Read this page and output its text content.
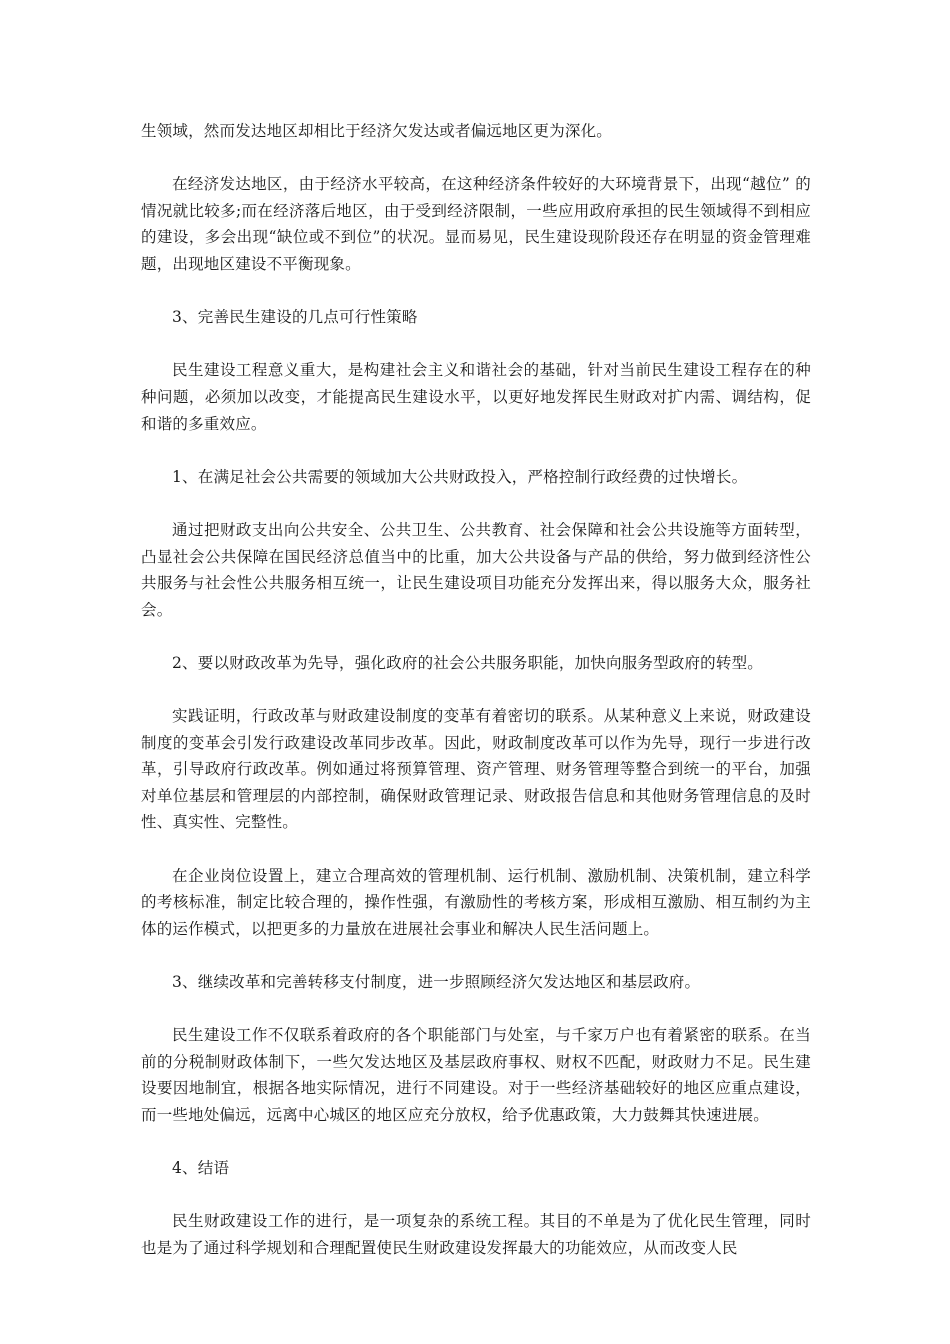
生领域，然而发达地区却相比于经济欠发达或者偏远地区更为深化。

在经济发达地区，由于经济水平较高，在这种经济条件较好的大环境背景下，出现“越位” 的情况就比较多;而在经济落后地区，由于受到经济限制，一些应用政府承担的民生领域得不到相应的建设，多会出现“缺位或不到位”的状况。显而易见，民生建设现阶段还存在明显的资金管理难题，出现地区建设不平衡现象。

3、完善民生建设的几点可行性策略

民生建设工程意义重大，是构建社会主义和谐社会的基础，针对当前民生建设工程存在的种种问题，必须加以改变，才能提高民生建设水平，以更好地发挥民生财政对扩内需、调结构，促和谐的多重效应。

1、在满足社会公共需要的领域加大公共财政投入，严格控制行政经费的过快增长。

通过把财政支出向公共安全、公共卫生、公共教育、社会保障和社会公共设施等方面转型，凸显社会公共保障在国民经济总值当中的比重，加大公共设备与产品的供给，努力做到经济性公共服务与社会性公共服务相互统一，让民生建设项目功能充分发挥出来，得以服务大众，服务社会。

2、要以财政改革为先导，强化政府的社会公共服务职能，加快向服务型政府的转型。

实践证明，行政改革与财政建设制度的变革有着密切的联系。从某种意义上来说，财政建设制度的变革会引发行政建设改革同步改革。因此，财政制度改革可以作为先导，现行一步进行改革，引导政府行政改革。例如通过将预算管理、资产管理、财务管理等整合到统一的平台，加强对单位基层和管理层的内部控制，确保财政管理记录、财政报告信息和其他财务管理信息的及时性、真实性、完整性。

在企业岗位设置上，建立合理高效的管理机制、运行机制、激励机制、决策机制，建立科学的考核标准，制定比较合理的，操作性强，有激励性的考核方案，形成相互激励、相互制约为主体的运作模式，以把更多的力量放在进展社会事业和解决人民生活问题上。

3、继续改革和完善转移支付制度，进一步照顾经济欠发达地区和基层政府。

民生建设工作不仅联系着政府的各个职能部门与处室，与千家万户也有着紧密的联系。在当前的分税制财政体制下，一些欠发达地区及基层政府事权、财权不匹配，财政财力不足。民生建设要因地制宜，根据各地实际情况，进行不同建设。对于一些经济基础较好的地区应重点建设，而一些地处偏远，远离中心城区的地区应充分放权，给予优惠政策，大力鼓舞其快速进展。

4、结语

民生财政建设工作的进行，是一项复杂的系统工程。其目的不单是为了优化民生管理，同时也是为了通过科学规划和合理配置使民生财政建设发挥最大的功能效应，从而改变人民
